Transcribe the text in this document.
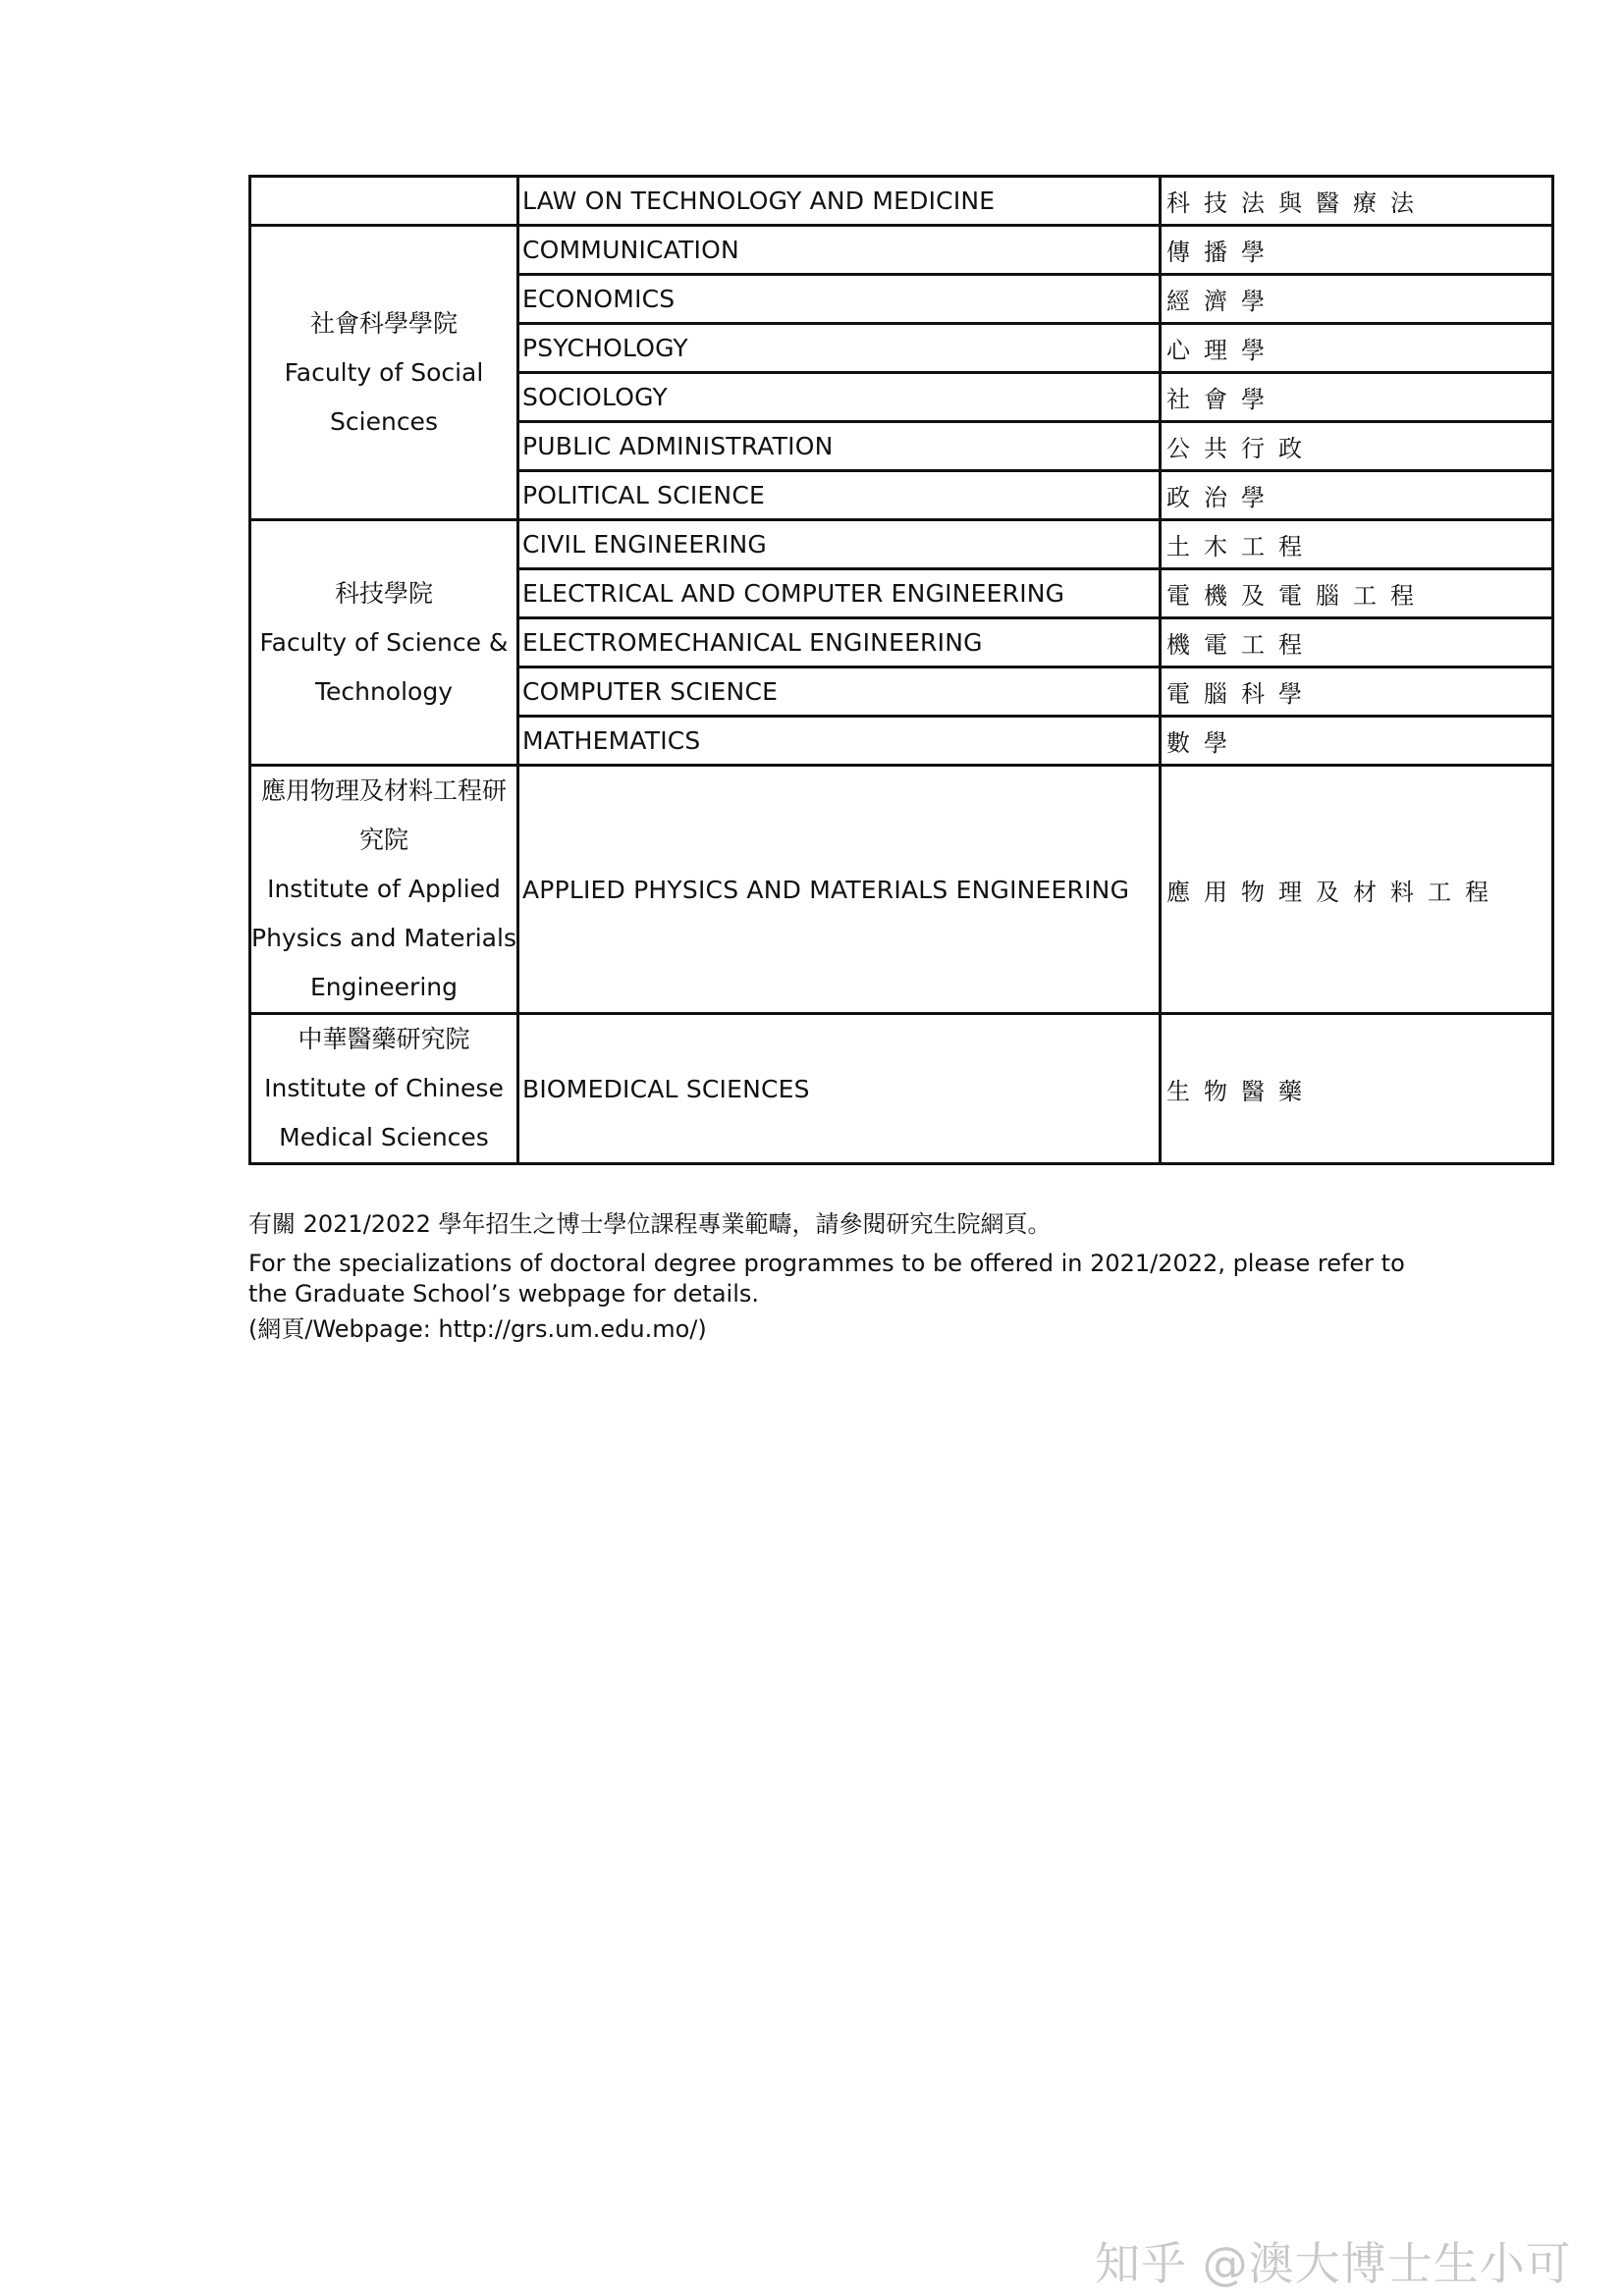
	LAW ON TECHNOLOGY AND MEDICINE	科技法與醫療法

社會科學學院
Faculty of Social
Sciences	COMMUNICATION	傳播學
	ECONOMICS	經濟學
	PSYCHOLOGY	心理學
	SOCIOLOGY	社會學
	PUBLIC ADMINISTRATION	公共行政
	POLITICAL SCIENCE	政治學

科技學院
Faculty of Science &
Technology	CIVIL ENGINEERING	土木工程
	ELECTRICAL AND COMPUTER ENGINEERING	電機及電腦工程
	ELECTROMECHANICAL ENGINEERING	機電工程
	COMPUTER SCIENCE	電腦科學
	MATHEMATICS	數學

應用物理及材料工程研
究院
Institute of Applied
Physics and Materials
Engineering	APPLIED PHYSICS AND MATERIALS ENGINEERING	應用物理及材料工程

中華醫藥研究院
Institute of Chinese
Medical Sciences	BIOMEDICAL SCIENCES	生物醫藥

有關 2021/2022 學年招生之博士學位課程專業範疇，請參閱研究生院網頁。

For the specializations of doctoral degree programmes to be offered in 2021/2022, please refer to the Graduate School’s webpage for details.

(網頁/Webpage: http://grs.um.edu.mo/)

知乎 @澳大博士生小可
